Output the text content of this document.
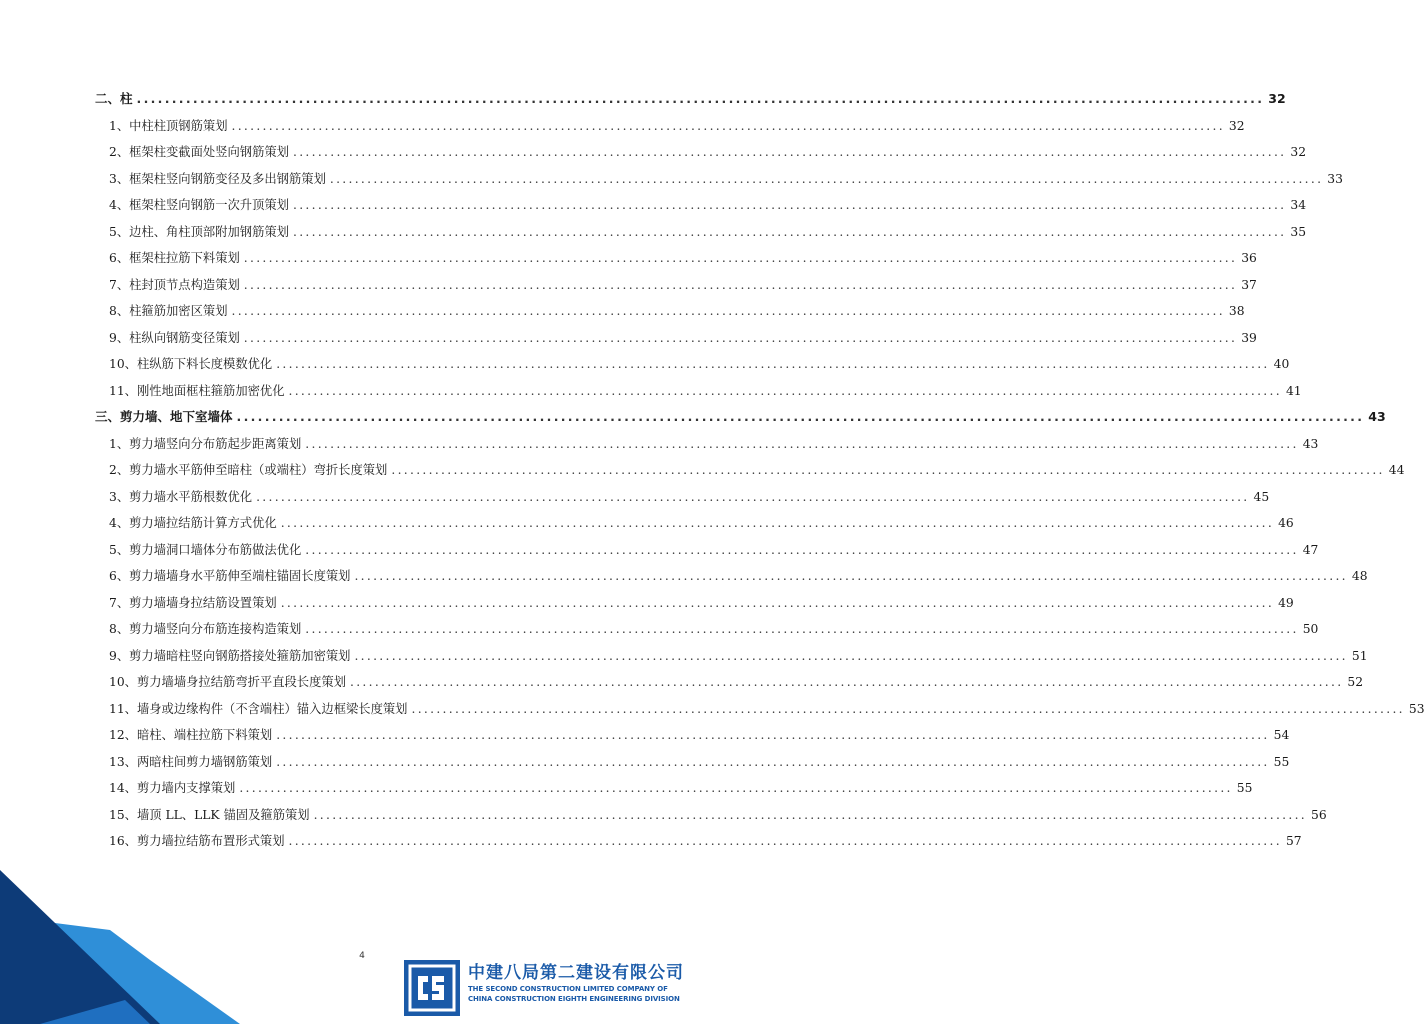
二、柱 ................................................................................................................................................................ 32
1、中柱柱顶钢筋策划 ................................................................................................................................................................ 32
2、框架柱变截面处竖向钢筋策划 ................................................................................................................................................................ 32
3、框架柱竖向钢筋变径及多出钢筋策划 ................................................................................................................................................................ 33
4、框架柱竖向钢筋一次升顶策划 ................................................................................................................................................................ 34
5、边柱、角柱顶部附加钢筋策划 ................................................................................................................................................................ 35
6、框架柱拉筋下料策划 ................................................................................................................................................................ 36
7、柱封顶节点构造策划 ................................................................................................................................................................ 37
8、柱箍筋加密区策划 ................................................................................................................................................................ 38
9、柱纵向钢筋变径策划 ................................................................................................................................................................ 39
10、柱纵筋下料长度模数优化 ................................................................................................................................................................ 40
11、刚性地面框柱箍筋加密优化 ................................................................................................................................................................ 41
三、剪力墙、地下室墙体 ................................................................................................................................................................ 43
1、剪力墙竖向分布筋起步距离策划 ................................................................................................................................................................ 43
2、剪力墙水平筋伸至暗柱（或端柱）弯折长度策划 ................................................................................................................................................................ 44
3、剪力墙水平筋根数优化 ................................................................................................................................................................ 45
4、剪力墙拉结筋计算方式优化 ................................................................................................................................................................ 46
5、剪力墙洞口墙体分布筋做法优化 ................................................................................................................................................................ 47
6、剪力墙墙身水平筋伸至端柱锚固长度策划 ................................................................................................................................................................ 48
7、剪力墙墙身拉结筋设置策划 ................................................................................................................................................................ 49
8、剪力墙竖向分布筋连接构造策划 ................................................................................................................................................................ 50
9、剪力墙暗柱竖向钢筋搭接处箍筋加密策划 ................................................................................................................................................................ 51
10、剪力墙墙身拉结筋弯折平直段长度策划 ................................................................................................................................................................ 52
11、墙身或边缘构件（不含端柱）锚入边框梁长度策划 ................................................................................................................................................................ 53
12、暗柱、端柱拉筋下料策划 ................................................................................................................................................................ 54
13、两暗柱间剪力墙钢筋策划 ................................................................................................................................................................ 55
14、剪力墙内支撑策划 ................................................................................................................................................................ 55
15、墙顶 LL、LLK 锚固及箍筋策划 ................................................................................................................................................................ 56
16、剪力墙拉结筋布置形式策划 ................................................................................................................................................................ 57
4
中建八局第二建设有限公司
THE SECOND CONSTRUCTION LIMITED COMPANY OF
CHINA CONSTRUCTION EIGHTH ENGINEERING DIVISION
